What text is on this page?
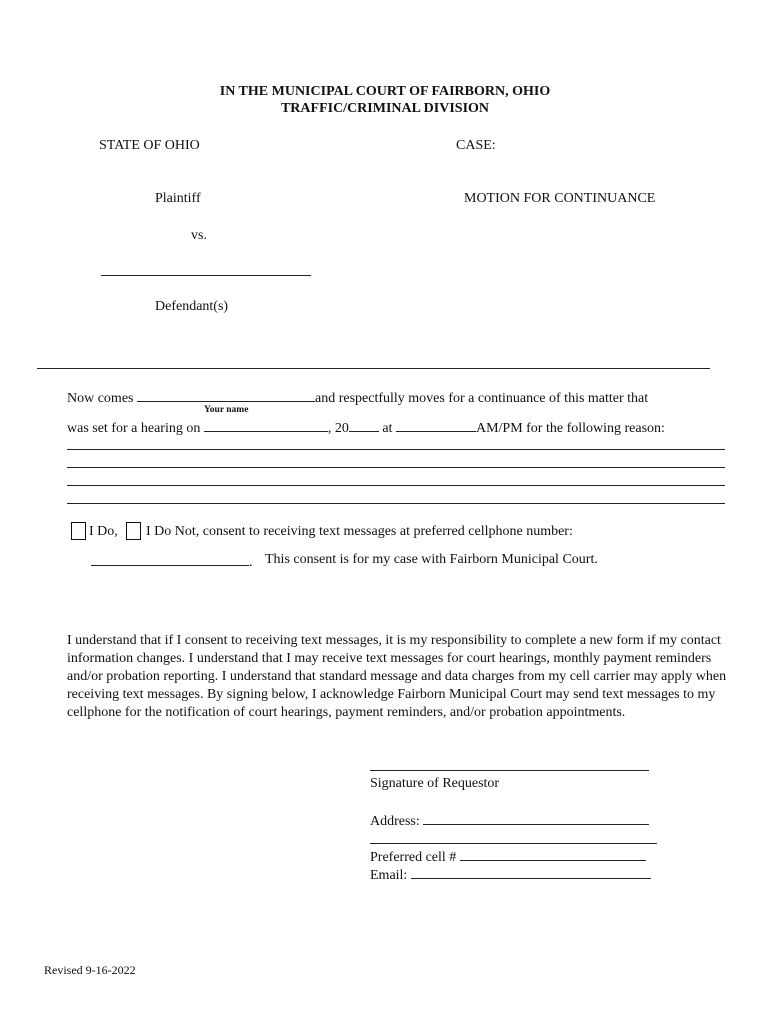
IN THE MUNICIPAL COURT OF FAIRBORN, OHIO
TRAFFIC/CRIMINAL DIVISION
STATE OF OHIO	CASE:
Plaintiff	MOTION FOR CONTINUANCE
vs.
Defendant(s)
Now comes	and respectfully moves for a continuance of this matter that
Your name
was set for a hearing on	, 20 at	AM/PM for the following reason:
I Do, I Do Not, consent to receiving text messages at preferred cellphone number:
. This consent is for my case with Fairborn Municipal Court.
I understand that if I consent to receiving text messages, it is my responsibility to complete a new form if my contact information changes. I understand that I may receive text messages for court hearings, monthly payment reminders and/or probation reporting. I understand that standard message and data charges from my cell carrier may apply when receiving text messages. By signing below, I acknowledge Fairborn Municipal Court may send text messages to my cellphone for the notification of court hearings, payment reminders, and/or probation appointments.
Signature of Requestor
Address:
Preferred cell #
Email:
Revised 9-16-2022
